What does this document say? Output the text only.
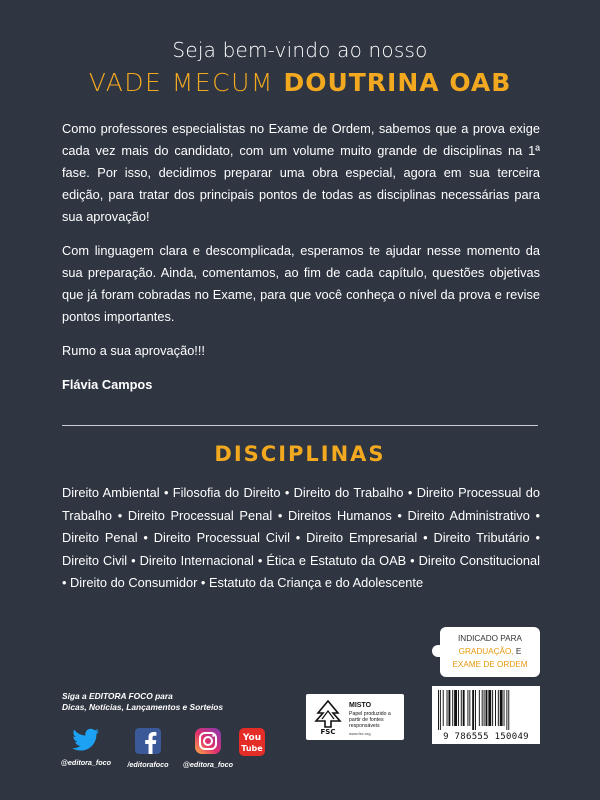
Seja bem-vindo ao nosso
VADE MECUM DOUTRINA OAB

Como professores especialistas no Exame de Ordem, sabemos que a prova exige cada vez mais do candidato, com um volume muito grande de disciplinas na 1ª fase. Por isso, decidimos preparar uma obra especial, agora em sua terceira edição, para tratar dos principais pontos de todas as disciplinas necessárias para sua aprovação!

Com linguagem clara e descomplicada, esperamos te ajudar nesse momento da sua preparação. Ainda, comentamos, ao fim de cada capítulo, questões objetivas que já foram cobradas no Exame, para que você conheça o nível da prova e revise pontos importantes.

Rumo a sua aprovação!!!

Flávia Campos

DISCIPLINAS
Direito Ambiental • Filosofia do Direito • Direito do Trabalho • Direito Processual do Trabalho • Direito Processual Penal • Direitos Humanos • Direito Administrativo • Direito Penal • Direito Processual Civil • Direito Empresarial • Direito Tributário • Direito Civil • Direito Internacional • Ética e Estatuto da OAB • Direito Constitucional • Direito do Consumidor • Estatuto da Criança e do Adolescente
INDICADO PARA
GRADUAÇÃO, E
EXAME DE ORDEM
Siga a EDITORA FOCO para
Dicas, Notícias, Lançamentos e Sorteios
@editora_foco	/editorafoco	@editora_foco
You
Tube
FSC
MISTO
Papel produzido a partir de fontes responsáveis
www.fsc.org	9 786555 150049
